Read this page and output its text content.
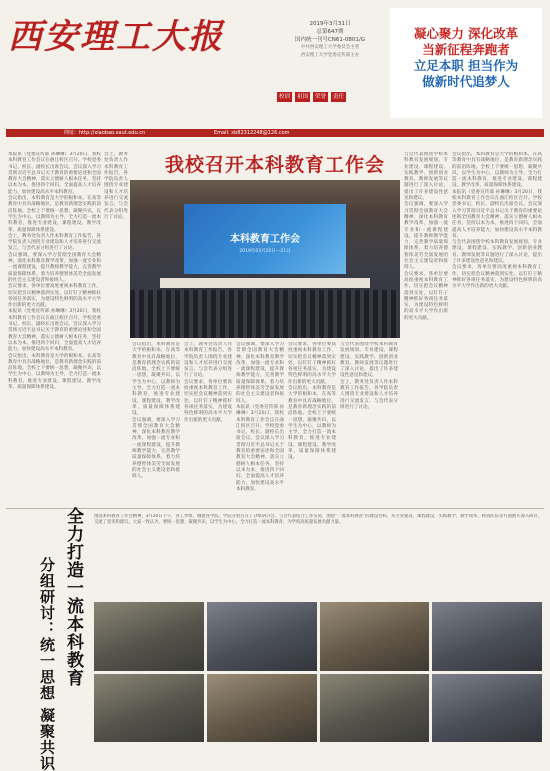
西安理工大报	2019年3月31日
总第647期
国内统一刊号CN61-0801/G
中共西安理工大学委员会主管
西安理工大学党委宣传部主办
校训	祖国	荣誉	责任
凝心聚力 深化改革
当新征程奔跑者
立足本职 担当作为
做新时代追梦人
网址：http://xiaobao.xaut.edu.cn	Email: xb82312248@126.com
我校召开本科教育工作会
本报讯（党委宣传部 孙琳琳）3月20日，我校本科教育工作会议在曲江校区召开。学校党委书记、校长、副校长出席会议。会议深入学习贯彻习近平总书记关于教育的重要论述和全国教育大会精神，落实立德树人根本任务，坚持以本为本，推进四个回归，全面提高人才培养能力，加快建设高水平本科教育。
会议指出，本科教育是大学的根和本，在高等教育中具有战略地位，是教育新理念实践的前沿阵地。全校上下要统一思想，凝聚共识，以学生为中心，以教师为主导，全力打造一流本科教育，推进专业建设、课程建设、教学改革、质量保障体系建设。
会上，教务处负责人作本科教育工作报告，各学院负责人围绕专业建设和人才培养进行交流发言，与会代表分组进行了讨论。
会议强调，要深入学习贯彻全国教育大会精神，深化本科教育教学改革，加强一流专业和一流课程建设，提升教师教学能力，完善教学质量保障体系，着力培养德智体美劳全面发展的社会主义建设者和接班人。
会议要求，各单位要高度重视本科教育工作，切实把会议精神落到实处，以钉钉子精神抓好各项任务落实，为建设特色鲜明的高水平大学作出新的更大贡献。
本报讯（党委宣传部 孙琳琳）3月20日，我校本科教育工作会议在曲江校区召开。学校党委书记、校长、副校长出席会议。会议深入学习贯彻习近平总书记关于教育的重要论述和全国教育大会精神，落实立德树人根本任务，坚持以本为本，推进四个回归，全面提高人才培养能力，加快建设高水平本科教育。
会议指出，本科教育是大学的根和本，在高等教育中具有战略地位，是教育新理念实践的前沿阵地。全校上下要统一思想，凝聚共识，以学生为中心，以教师为主导，全力打造一流本科教育，推进专业建设、课程建设、教学改革、质量保障体系建设。
会上，教务处负责人作本科教育工作报告，各学院负责人围绕专业建设和人才培养进行交流发言，与会代表分组进行了讨论。
本科教育工作会
2019年03月20日—21日
会议指出，本科教育是大学的根和本，在高等教育中具有战略地位，是教育新理念实践的前沿阵地。全校上下要统一思想，凝聚共识，以学生为中心，以教师为主导，全力打造一流本科教育，推进专业建设、课程建设、教学改革、质量保障体系建设。
会议强调，要深入学习贯彻全国教育大会精神，深化本科教育教学改革，加强一流专业和一流课程建设，提升教师教学能力，完善教学质量保障体系，着力培养德智体美劳全面发展的社会主义建设者和接班人。
会上，教务处负责人作本科教育工作报告，各学院负责人围绕专业建设和人才培养进行交流发言，与会代表分组进行了讨论。
会议要求，各单位要高度重视本科教育工作，切实把会议精神落到实处，以钉钉子精神抓好各项任务落实，为建设特色鲜明的高水平大学作出新的更大贡献。
会议强调，要深入学习贯彻全国教育大会精神，深化本科教育教学改革，加强一流专业和一流课程建设，提升教师教学能力，完善教学质量保障体系，着力培养德智体美劳全面发展的社会主义建设者和接班人。
本报讯（党委宣传部 孙琳琳）3月20日，我校本科教育工作会议在曲江校区召开。学校党委书记、校长、副校长出席会议。会议深入学习贯彻习近平总书记关于教育的重要论述和全国教育大会精神，落实立德树人根本任务，坚持以本为本，推进四个回归，全面提高人才培养能力，加快建设高水平本科教育。
会议要求，各单位要高度重视本科教育工作，切实把会议精神落到实处，以钉钉子精神抓好各项任务落实，为建设特色鲜明的高水平大学作出新的更大贡献。
会议指出，本科教育是大学的根和本，在高等教育中具有战略地位，是教育新理念实践的前沿阵地。全校上下要统一思想，凝聚共识，以学生为中心，以教师为主导，全力打造一流本科教育，推进专业建设、课程建设、教学改革、质量保障体系建设。
与会代表围绕学校本科教育发展规划、专业建设、课程建设、实践教学、创新创业教育、教师发展等议题进行了深入讨论，提出了许多建设性意见和建议。
会上，教务处负责人作本科教育工作报告，各学院负责人围绕专业建设和人才培养进行交流发言，与会代表分组进行了讨论。
与会代表围绕学校本科教育发展规划、专业建设、课程建设、实践教学、创新创业教育、教师发展等议题进行了深入讨论，提出了许多建设性意见和建议。
会议强调，要深入学习贯彻全国教育大会精神，深化本科教育教学改革，加强一流专业和一流课程建设，提升教师教学能力，完善教学质量保障体系，着力培养德智体美劳全面发展的社会主义建设者和接班人。
会议要求，各单位要高度重视本科教育工作，切实把会议精神落到实处，以钉钉子精神抓好各项任务落实，为建设特色鲜明的高水平大学作出新的更大贡献。
会议指出，本科教育是大学的根和本，在高等教育中具有战略地位，是教育新理念实践的前沿阵地。全校上下要统一思想，凝聚共识，以学生为中心，以教师为主导，全力打造一流本科教育，推进专业建设、课程建设、教学改革、质量保障体系建设。
本报讯（党委宣传部 孙琳琳）3月20日，我校本科教育工作会议在曲江校区召开。学校党委书记、校长、副校长出席会议。会议深入学习贯彻习近平总书记关于教育的重要论述和全国教育大会精神，落实立德树人根本任务，坚持以本为本，推进四个回归，全面提高人才培养能力，加快建设高水平本科教育。
与会代表围绕学校本科教育发展规划、专业建设、课程建设、实践教学、创新创业教育、教师发展等议题进行了深入讨论，提出了许多建设性意见和建议。
会议要求，各单位要高度重视本科教育工作，切实把会议精神落到实处，以钉钉子精神抓好各项任务落实，为建设特色鲜明的高水平大学作出新的更大贡献。
全力打造一流本科教育
分组研讨：统一思想 凝聚共识
围绕本科教育工作会精神，3月20日下午，各工作组，城建各学院、学院分别召开了分组研讨会。与会代表结合工作实际，围绕“一流本科教育”的建设目标，从专业建设、课程建设、实践教学、教学改革、师资队伍等方面展开深入研讨，交流了意见和建议。大家一致认为，要统一思想、凝聚共识，以学生为中心，全力打造一流本科教育，为学校高质量发展贡献力量。
